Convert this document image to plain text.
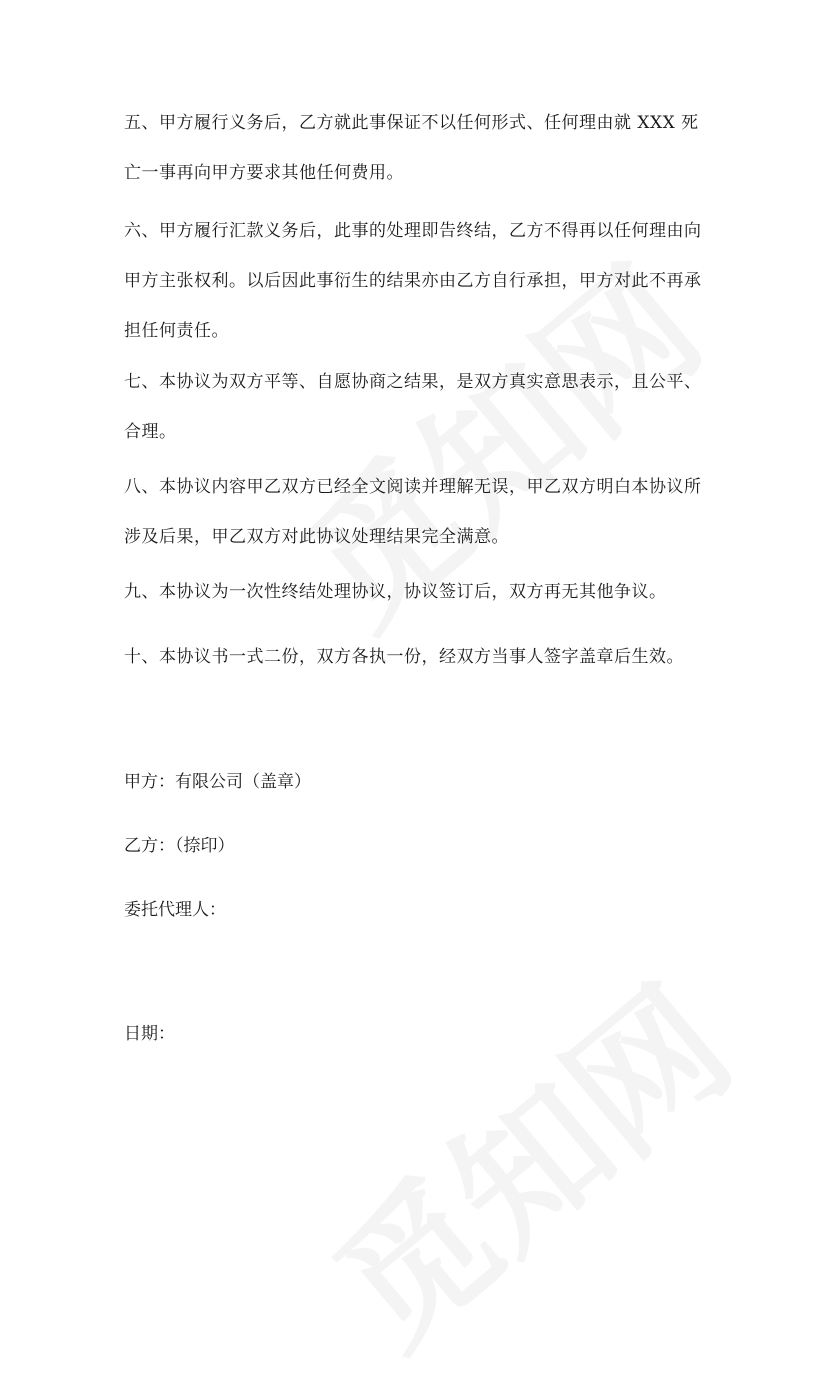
五、甲方履行义务后，乙方就此事保证不以任何形式、任何理由就 XXX 死亡一事再向甲方要求其他任何费用。

六、甲方履行汇款义务后，此事的处理即告终结，乙方不得再以任何理由向甲方主张权利。以后因此事衍生的结果亦由乙方自行承担，甲方对此不再承担任何责任。

七、本协议为双方平等、自愿协商之结果，是双方真实意思表示，且公平、合理。

八、本协议内容甲乙双方已经全文阅读并理解无误，甲乙双方明白本协议所涉及后果，甲乙双方对此协议处理结果完全满意。

九、本协议为一次性终结处理协议，协议签订后，双方再无其他争议。

十、本协议书一式二份，双方各执一份，经双方当事人签字盖章后生效。

甲方：有限公司（盖章）

乙方：（捺印）

委托代理人：

日期：
